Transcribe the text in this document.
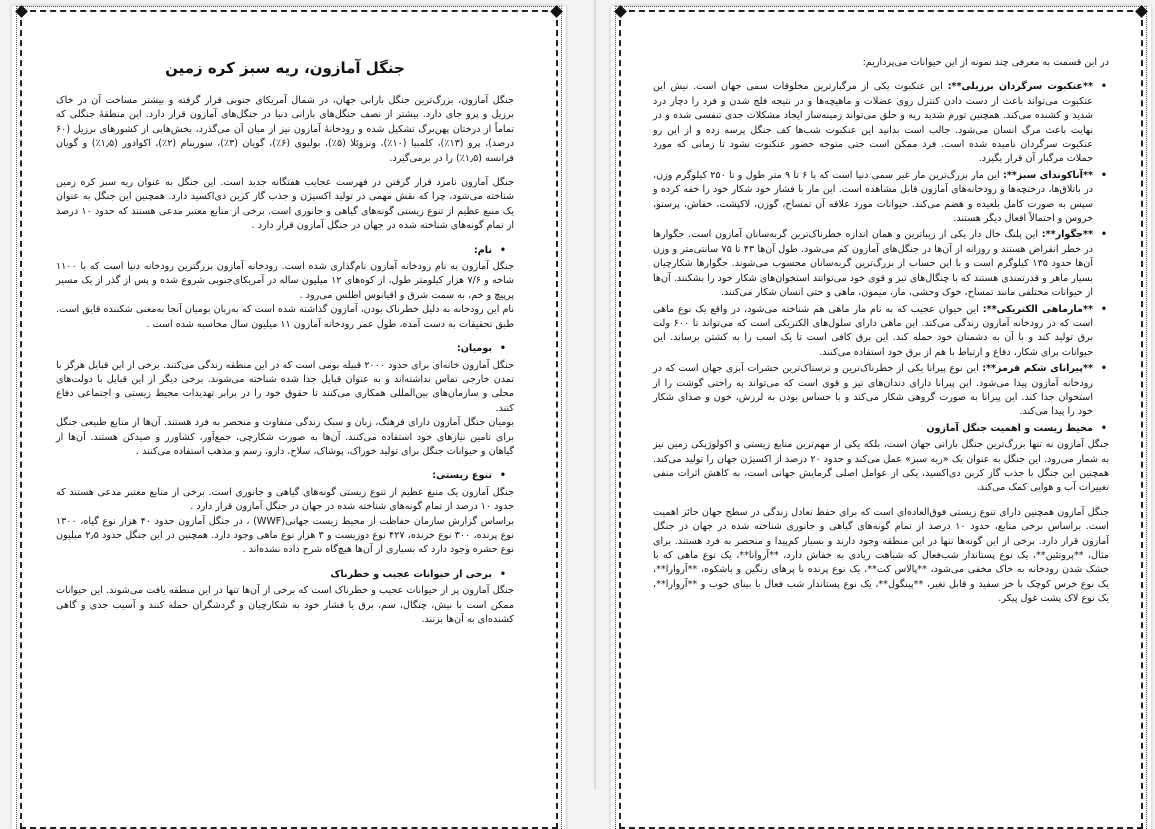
جنگل آمازون، ریه سبز کره زمین

جنگل آمازون، بزرگ‌ترین جنگل بارانی جهان، در شمال آمریکای جنوبی قرار گرفته و بیشتر مساحت آن در خاک برزیل و پرو جای دارد. بیشتر از نصف جنگل‌های بارانی دنیا در جنگل‌های آمازون قرار دارد. این منطقهٔ جنگلی که تماماً از درختان پهن‌برگ تشکیل شده و رودخانهٔ آمازون نیز از میان آن می‌گذرد، بخش‌هایی از کشورهای برزیل (۶۰ درصد)، پرو (۱۳٪)، کلمبیا (۱۰٪)، ونزوئلا (۵٪)، بولیوی (۶٪)، گویان (۳٪)، سورینام (۲٪)، اکوادور (۱٫۵٪) و گویان فرانسه (۱٫۵٪) را در برمی‌گیرد.

جنگل آمازون نامزد قرار گرفتن در فهرست عجایب هفتگانه جدید است. این جنگل به عنوان ریه سبز کره زمین شناخته می‌شود، چرا که نقش مهمی در تولید اکسیژن و جذب گاز کربن دی‌اکسید دارد. همچنین این جنگل به عنوان یک منبع عظیم از تنوع زیستی گونه‌های گیاهی و جانوری است. برخی از منابع معتبر مدعی هستند که حدود ۱۰ درصد از تمام گونه‌های شناخته شده در جهان در جنگل آمازون قرار دارد .

• نام:

جنگل آمازون به نام رودخانه آمازون نام‌گذاری شده است. رودخانه آمازون بزرگترین رودخانه دنیا است که با ۱۱۰۰ شاخه و ۷/۶ هزار کیلومتر طول، از کوه‌های ۱۲ میلیون ساله در آمریکای‌جنوبی شروع شده و پس از گذر از یک مسیر پرپیچ و خم، به سمت شرق و اقیانوس اطلس می‌رود .

نام این رودخانه به دلیل خطرناک بودن، آمازون گذاشته شده است که به‌زبان بومیان آنجا به‌معنی شکننده قایق است. طبق تحقیقات به دست آمده، طول عمر رودخانه آمازون ۱۱ میلیون سال محاسبه شده است .

• بومیان:

جنگل آمازون خانه‌ای برای حدود ۲۰۰۰ قبیله بومی است که در این منطقه زندگی می‌کنند. برخی از این قبایل هرگز با تمدن خارجی تماس نداشته‌اند و به عنوان قبایل جدا شده شناخته می‌شوند. برخی دیگر از این قبایل با دولت‌های محلی و سازمان‌های بین‌المللی همکاری می‌کنند تا حقوق خود را در برابر تهدیدات محیط زیستی و اجتماعی دفاع کنند.

بومیان جنگل آمازون دارای فرهنگ، زبان و سبک زندگی متفاوت و منحصر به فرد هستند. آن‌ها از منابع طبیعی جنگل برای تامین نیازهای خود استفاده می‌کنند. آن‌ها به صورت شکارچی، جمع‌آور، کشاورز و صیدکن هستند. آن‌ها از گیاهان و حیوانات جنگل برای تولید خوراک، پوشاک، سلاح، دارو، رسم و مذهب استفاده می‌کنند .

• تنوع زیستی:

جنگل آمازون یک منبع عظیم از تنوع زیستی گونه‌های گیاهی و جانوری است. برخی از منابع معتبر مدعی هستند که حدود ۱۰ درصد از تمام گونه‌های شناخته شده در جهان در جنگل آمازون قرار دارد .

براساس گزارش سازمان حفاظت از محیط زیست جهانی(WWF) ، در جنگل آمازون حدود ۴۰ هزار نوع گیاه، ۱۳۰۰ نوع پرنده، ۳۰۰ نوع خزنده، ۴۲۷ نوع دوزیست و ۳ هزار نوع ماهی وجود دارد. همچنین در این جنگل حدود ۲٫۵ میلیون نوع حشره وجود دارد که بسیاری از آن‌ها هیچ‌گاه شرح داده نشده‌اند .

• برخی از حیوانات عجیب و خطرناک

جنگل آمازون پر از حیوانات عجیب و خطرناک است که برخی از آن‌ها تنها در این منطقه یافت می‌شوند. این حیوانات ممکن است با نیش، چنگال، سم، برق یا فشار خود به شکارچیان و گردشگران حمله کنند و آسیب جدی و گاهی کشنده‌ای به آن‌ها بزنند.

در این قسمت به معرفی چند نمونه از این حیوانات می‌پردازیم:

• **عنکبوت سرگردان برزیلی**: این عنکبوت یکی از مرگبارترین مخلوقات سمی جهان است. نیش این عنکبوت می‌تواند باعث از دست دادن کنترل روی عضلات و ماهیچه‌ها و در نتیجه فلج شدن و فرد را دچار درد شدید و کشنده می‌کند. همچنین تورم شدید ریه و حلق می‌تواند زمینه‌ساز ایجاد مشکلات جدی تنفسی شده و در نهایت باعث مرگ انسان می‌شود. جالب است بدانید این عنکبوت شب‌ها کف جنگل پرسه زده و از این رو عنکبوت سرگردان نامیده شده است. فرد ممکن است حتی متوجه حضور عنکبوت نشود تا زمانی که مورد حملات مرگبار آن قرار بگیرد.
• **آناکوندای سبز**: این مار بزرگ‌ترین مار غیر سمی دنیا است که با ۶ تا ۹ متر طول و تا ۲۵۰ کیلوگرم وزن، در باتلاق‌ها، درختچه‌ها و رودخانه‌های آمازون قابل مشاهده است. این مار با فشار خود شکار خود را خفه کرده و سپس به صورت کامل بلعیده و هضم می‌کند. حیوانات مورد علاقه آن تمساح، گوزن، لاکپشت، خفاش، پرستو، خروس و احتمالاً افعال دیگر هستند.
• **جگوار**: این پلنگ خال دار یکی از زیباترین و همان اندازه خطرناک‌ترین گربه‌سانان آمازون است. جگوارها در خطر انقراض هستند و روزانه از آن‌ها در جنگل‌های آمازون کم می‌شود. طول آن‌ها ۴۳ تا ۷۵ سانتی‌متر و وزن آن‌ها حدود ۱۳۵ کیلوگرم است و با این حساب از بزرگ‌ترین گربه‌سانان محسوب می‌شوند. جگوارها شکارچیان بسیار ماهر و قدرتمندی هستند که با چنگال‌های تیز و قوی خود می‌توانند استخوان‌های شکار خود را بشکنند. آن‌ها از حیوانات مختلفی مانند تمساح، خوک وحشی، مار، میمون، ماهی و حتی انسان شکار می‌کنند.
• **مارماهی الکتریکی**: این حیوان عجیب که به نام مار ماهی هم شناخته می‌شود، در واقع یک نوع ماهی است که در رودخانه آمازون زندگی می‌کند. این ماهی دارای سلول‌های الکتریکی است که می‌تواند تا ۶۰۰ ولت برق تولید کند و با آن به دشمنان خود حمله کند. این برق کافی است تا یک اسب را به کشتن برساند. این حیوانات برای شکار، دفاع و ارتباط با هم از برق خود استفاده می‌کنند.
• **پیرانای شکم قرمز**: این نوع پیرانا یکی از خطرناک‌ترین و ترسناک‌ترین حشرات آبزی جهان است که در رودخانه آمازون پیدا می‌شود. این پیرانا دارای دندان‌های تیز و قوی است که می‌تواند به راحتی گوشت را از استخوان جدا کند. این پیرانا به صورت گروهی شکار می‌کند و با حساس بودن به لرزش، خون و صدای شکار خود را پیدا می‌کند.
• محیط زیست و اهمیت جنگل آمازون

جنگل آمازون نه تنها بزرگ‌ترین جنگل بارانی جهان است، بلکه یکی از مهم‌ترین منابع زیستی و اکولوژیکی زمین نیز به شمار می‌رود. این جنگل به عنوان یک «ریه سبز» عمل می‌کند و حدود ۲۰ درصد از اکسیژن جهان را تولید می‌کند. همچنین این جنگل با جذب گاز کربن دی‌اکسید، یکی از عوامل اصلی گرمایش جهانی است، به کاهش اثرات منفی تغییرات آب و هوایی کمک می‌کند.

جنگل آمازون همچنین دارای تنوع زیستی فوق‌العاده‌ای است که برای حفظ تعادل زندگی در سطح جهان حائز اهمیت است. براساس برخی منابع، حدود ۱۰ درصد از تمام گونه‌های گیاهی و جانوری شناخته شده در جهان در جنگل آمازون قرار دارد. برخی از این گونه‌ها تنها در این منطقه وجود دارند و بسیار کم‌پیدا و منحصر به فرد هستند. برای مثال، **پروتئین**، یک نوع پستاندار شب‌فعال که شباهت زیادی به خفاش دارد، **آروانا**، یک نوع ماهی که با خشک شدن رودخانه به خاک مخفی می‌شود، **پالاس کت**، یک نوع پرنده با پرهای رنگین و باشکوه، **آروارا**، یک نوع خرس کوچک با خز سفید و قابل تغیر، **پینگول**، یک نوع پستاندار شب فعال با بینای خوب و **آروارا**، یک نوع لاک پشت غول پیکر.
